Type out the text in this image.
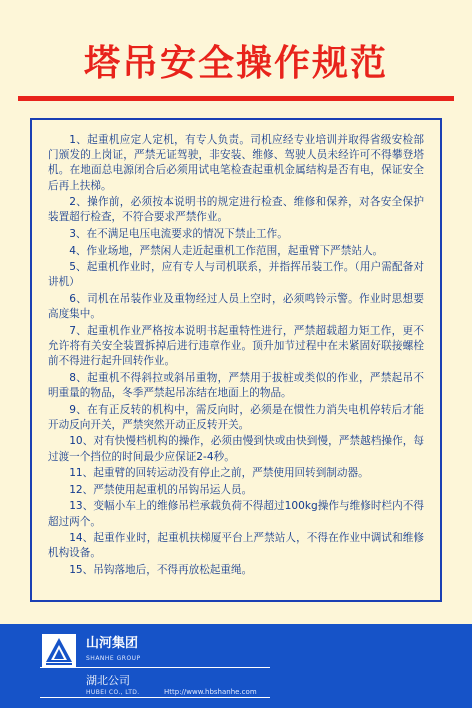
塔吊安全操作规范

1、起重机应定人定机，有专人负责。司机应经专业培训并取得省级安检部门颁发的上岗证，严禁无证驾驶，非安装、维修、驾驶人员未经许可不得攀登塔机。在地面总电源闭合后必须用试电笔检查起重机金属结构是否有电，保证安全后再上扶梯。

2、操作前，必须按本说明书的规定进行检查、维修和保养，对各安全保护装置超行检查，不符合要求严禁作业。

3、在不满足电压电流要求的情况下禁止工作。

4、作业场地，严禁闲人走近起重机工作范围，起重臂下严禁站人。

5、起重机作业时，应有专人与司机联系，并指挥吊装工作。（用户需配备对讲机）

6、司机在吊装作业及重物经过人员上空时，必须鸣铃示警。作业时思想要高度集中。

7、起重机作业严格按本说明书起重特性进行，严禁超载超力矩工作，更不允许将有关安全装置拆掉后进行违章作业。顶升加节过程中在未紧固好联接螺栓前不得进行起升回转作业。

8、起重机不得斜拉或斜吊重物，严禁用于拔桩或类似的作业，严禁起吊不明重量的物品，冬季严禁起吊冻结在地面上的物品。

9、在有正反转的机构中，需反向时，必须是在惯性力消失电机停转后才能开动反向开关，严禁突然开动正反转开关。

10、对有快慢档机构的操作，必须由慢到快或由快到慢，严禁越档操作，每过渡一个挡位的时间最少应保证2-4秒。

11、起重臂的回转运动没有停止之前，严禁使用回转到制动器。

12、严禁使用起重机的吊钩吊运人员。

13、变幅小车上的维修吊栏承载负荷不得超过100kg操作与维修时栏内不得超过两个。

14、起重作业时，起重机扶梯厦平台上严禁站人，不得在作业中调试和维修机构设备。

15、吊钩落地后，不得再放松起重绳。

山河集团
SHANHE GROUP
湖北公司
HUBEI CO., LTD.	Http://www.hbshanhe.com
